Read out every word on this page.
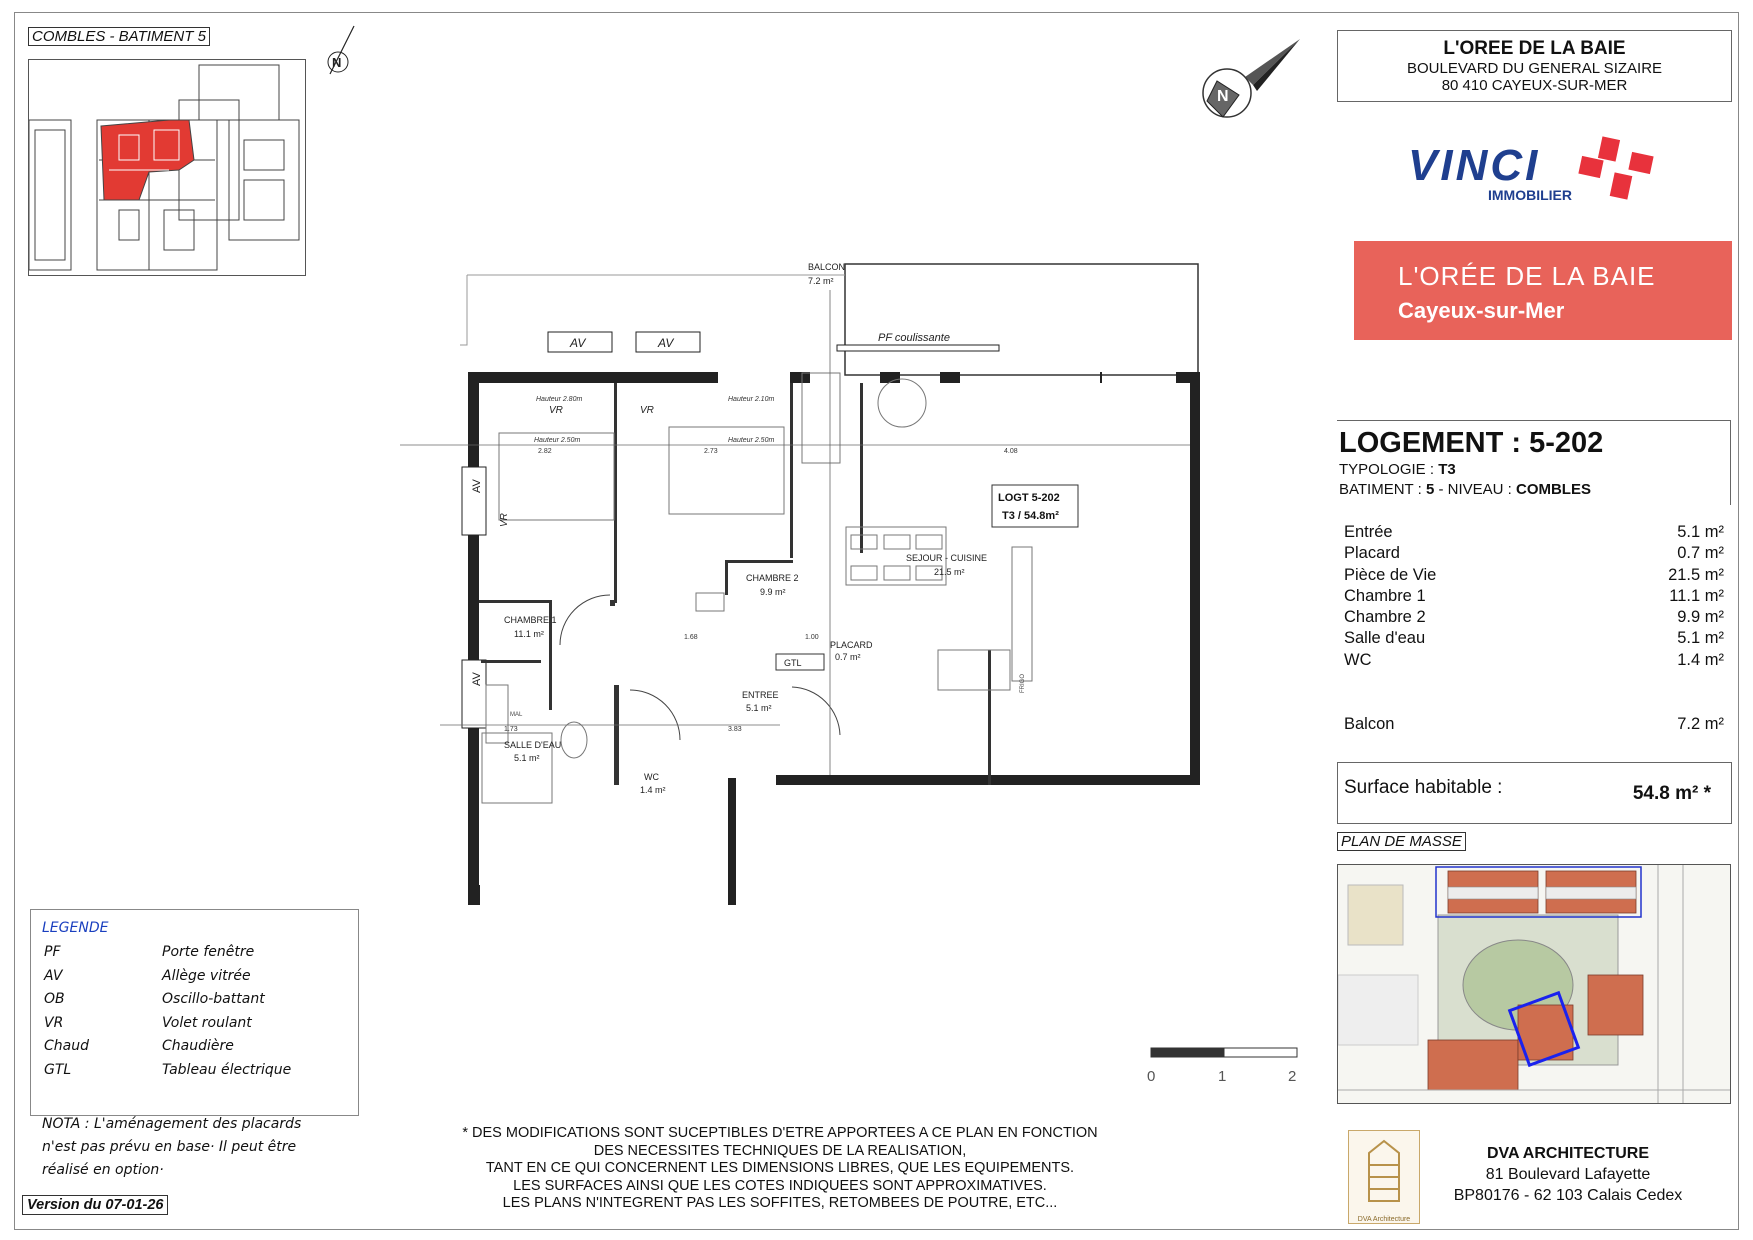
COMBLES - BATIMENT 5
N
N
L'OREE DE LA BAIE
BOULEVARD DU GENERAL SIZAIRE
80 410 CAYEUX-SUR-MER
VINCI
IMMOBILIER
L'ORÉE DE LA BAIE
Cayeux-sur-Mer
LOGEMENT : 5-202
TYPOLOGIE : T3
BATIMENT : 5 - NIVEAU : COMBLES
Entrée	5.1 m²
Placard	0.7 m²
Pièce de Vie	21.5 m²
Chambre 1	11.1 m²
Chambre 2	9.9 m²
Salle d'eau	5.1 m²
WC	1.4 m²
Balcon	7.2 m²
Surface habitable :	54.8 m² *
PLAN DE MASSE
0	1	2
LEGENDE
PF	Porte fenêtre
AV	Allège vitrée
OB	Oscillo-battant
VR	Volet roulant
Chaud	Chaudière
GTL	Tableau électrique
NOTA : L'aménagement des placards
n'est pas prévu en base· Il peut être
réalisé en option·
Version du 07-01-26
* DES MODIFICATIONS SONT SUCEPTIBLES D'ETRE APPORTEES A CE PLAN EN FONCTION
DES NECESSITES TECHNIQUES DE LA REALISATION,
TANT EN CE QUI CONCERNENT LES DIMENSIONS LIBRES, QUE LES EQUIPEMENTS.
LES SURFACES AINSI QUE LES COTES INDIQUEES SONT APPROXIMATIVES.
LES PLANS N'INTEGRENT PAS LES SOFFITES, RETOMBEES DE POUTRE, ETC...
DVA Architecture
DVA ARCHITECTURE
81 Boulevard Lafayette
BP80176 - 62 103 Calais Cedex
AV
AV
AV	AV	PF coulissante
BALCON
7.2 m²
CHAMBRE 1
11.1 m²
CHAMBRE 2
9.9 m²
SEJOUR - CUISINE
21.5 m²
PLACARD
0.7 m²
ENTREE
5.1 m²
SALLE D'EAU
5.1 m²
WC
1.4 m²
LOGT 5-202
T3 / 54.8m²
GTL
FRIGO
MAL
VR	VR
VR
Hauteur 2.80m
Hauteur 2.50m
Hauteur 2.10m
Hauteur 2.50m
2.82	2.73	4.08
1.68
3.83
1.73
1.00
